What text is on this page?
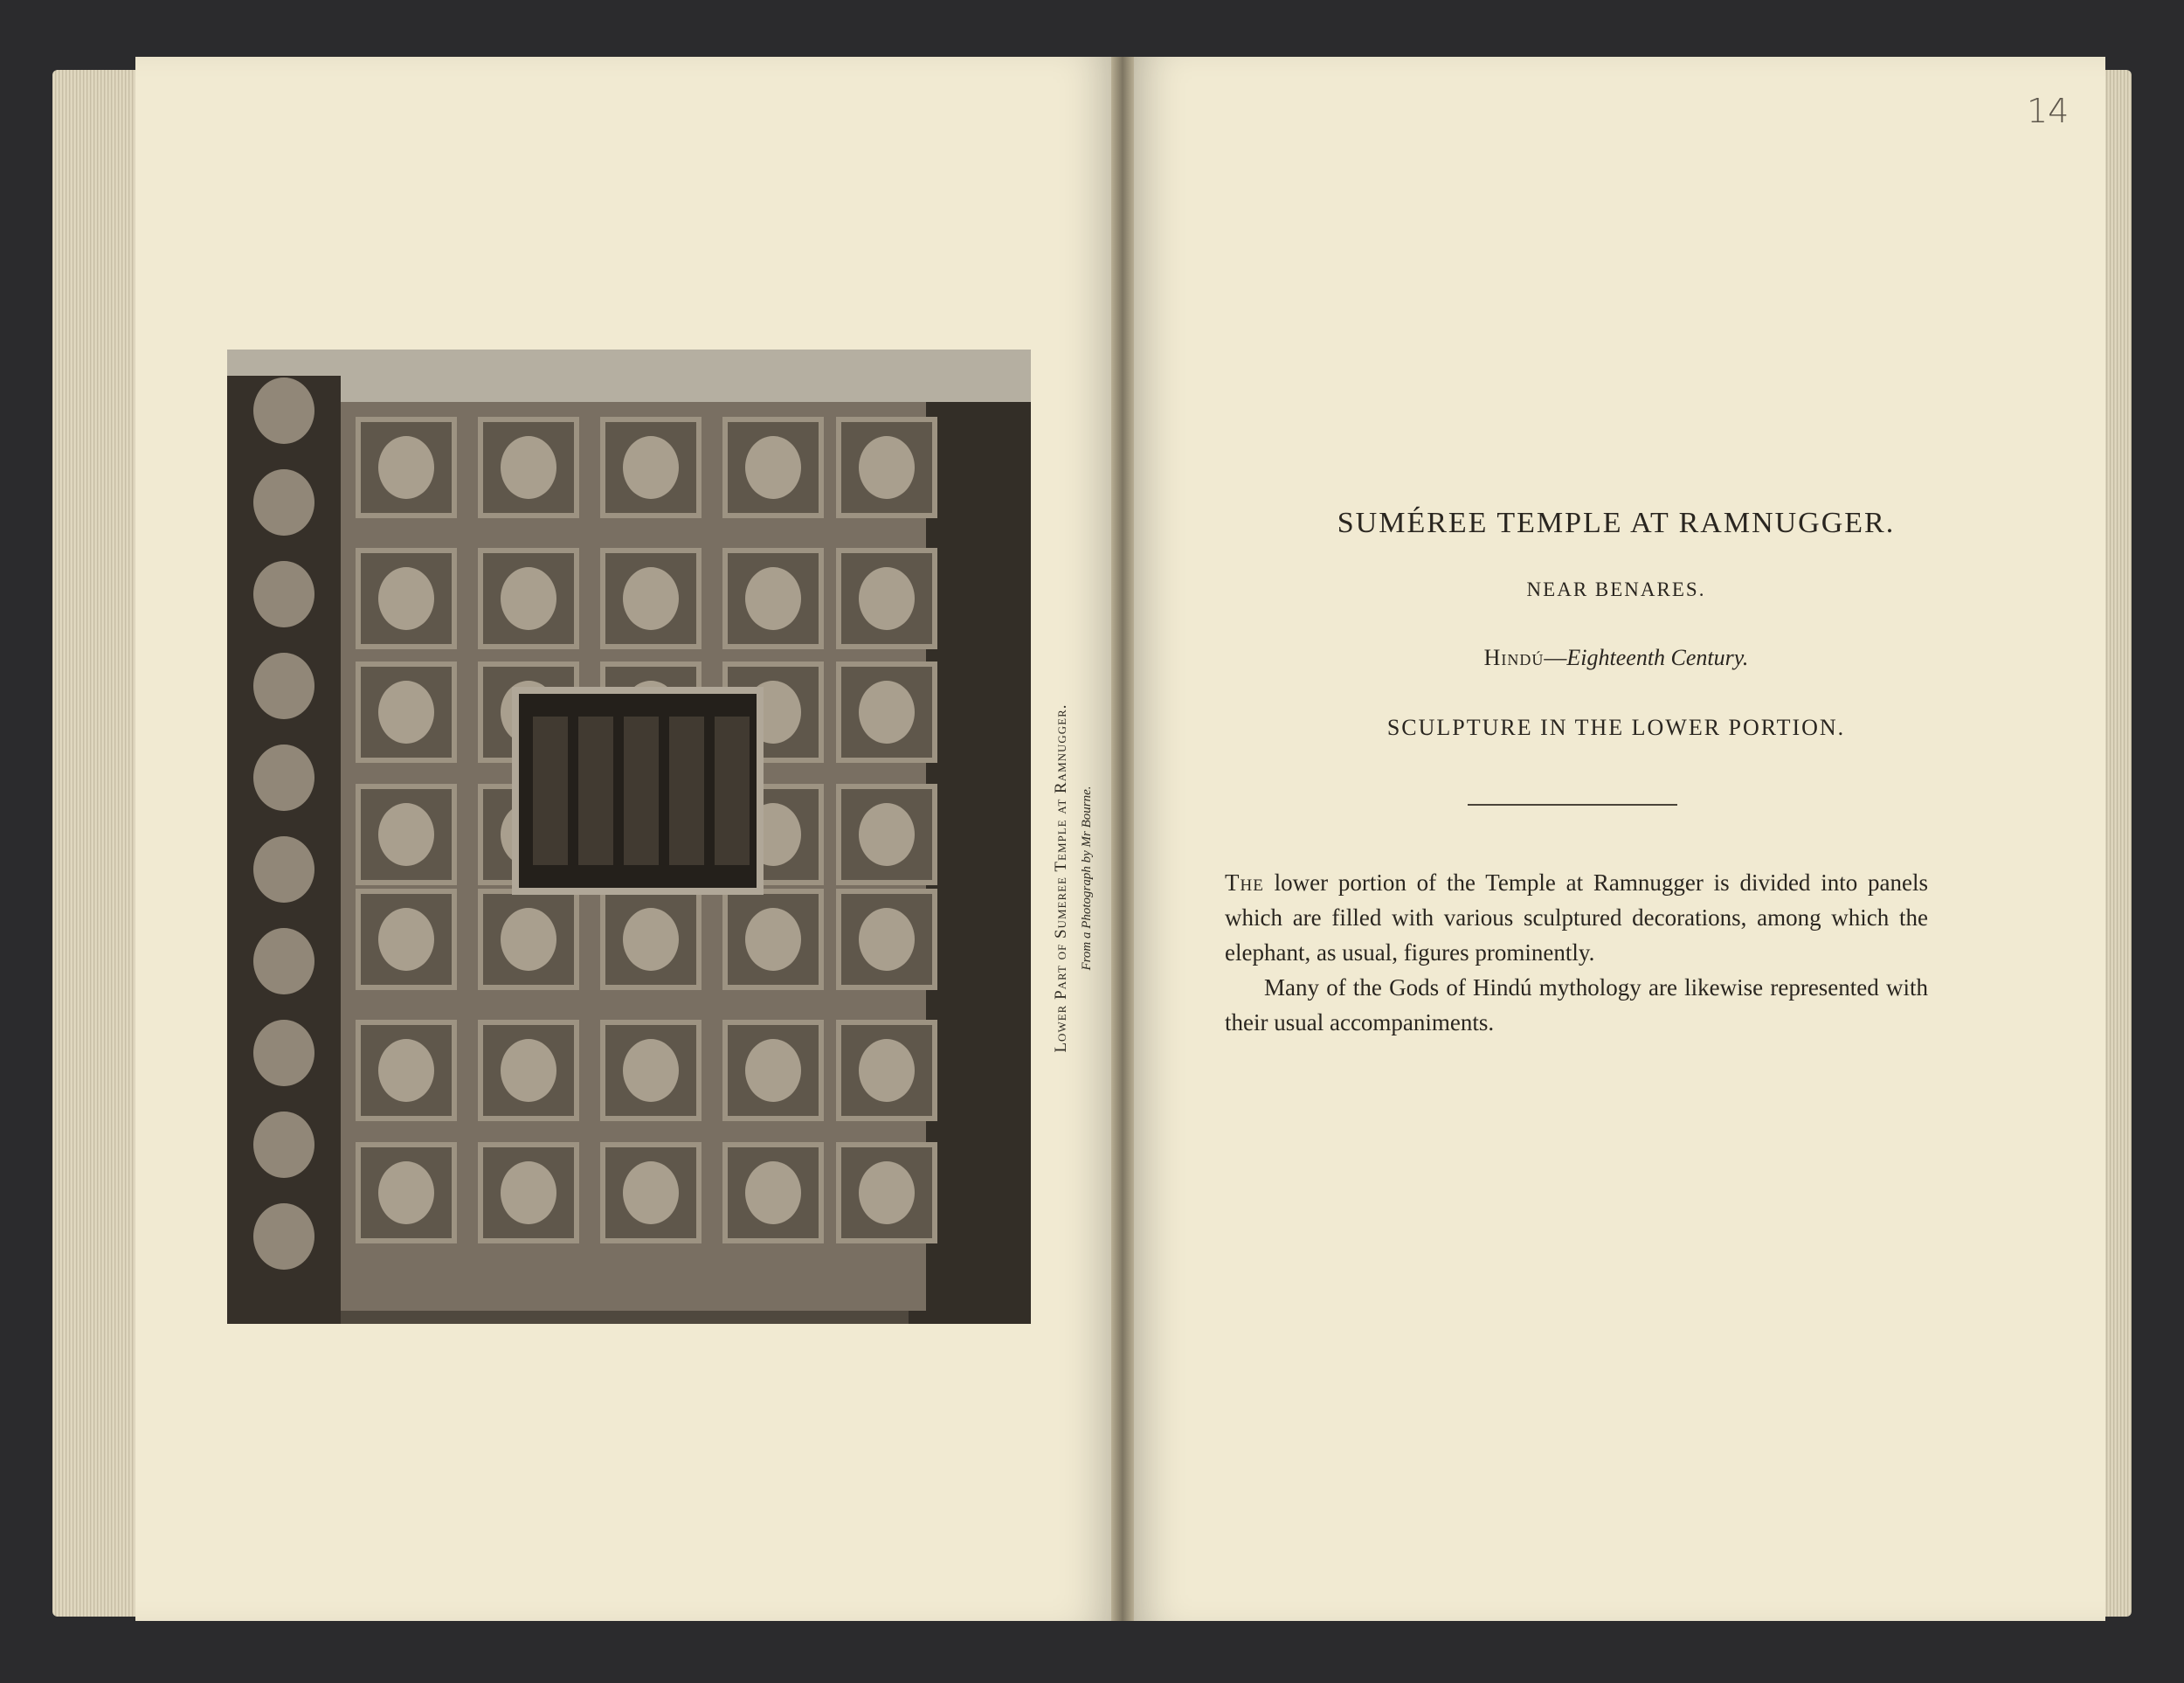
Lower Part of Sumeree Temple at Ramnugger. From a Photograph by Mr Bourne.
14
SUMÉREE TEMPLE AT RAMNUGGER.
NEAR BENARES.
Hindú—Eighteenth Century.
SCULPTURE IN THE LOWER PORTION.

The lower portion of the Temple at Ramnugger is divided into panels which are filled with various sculptured decorations, among which the elephant, as usual, figures prominently.

Many of the Gods of Hindú mythology are likewise represented with their usual accompaniments.
